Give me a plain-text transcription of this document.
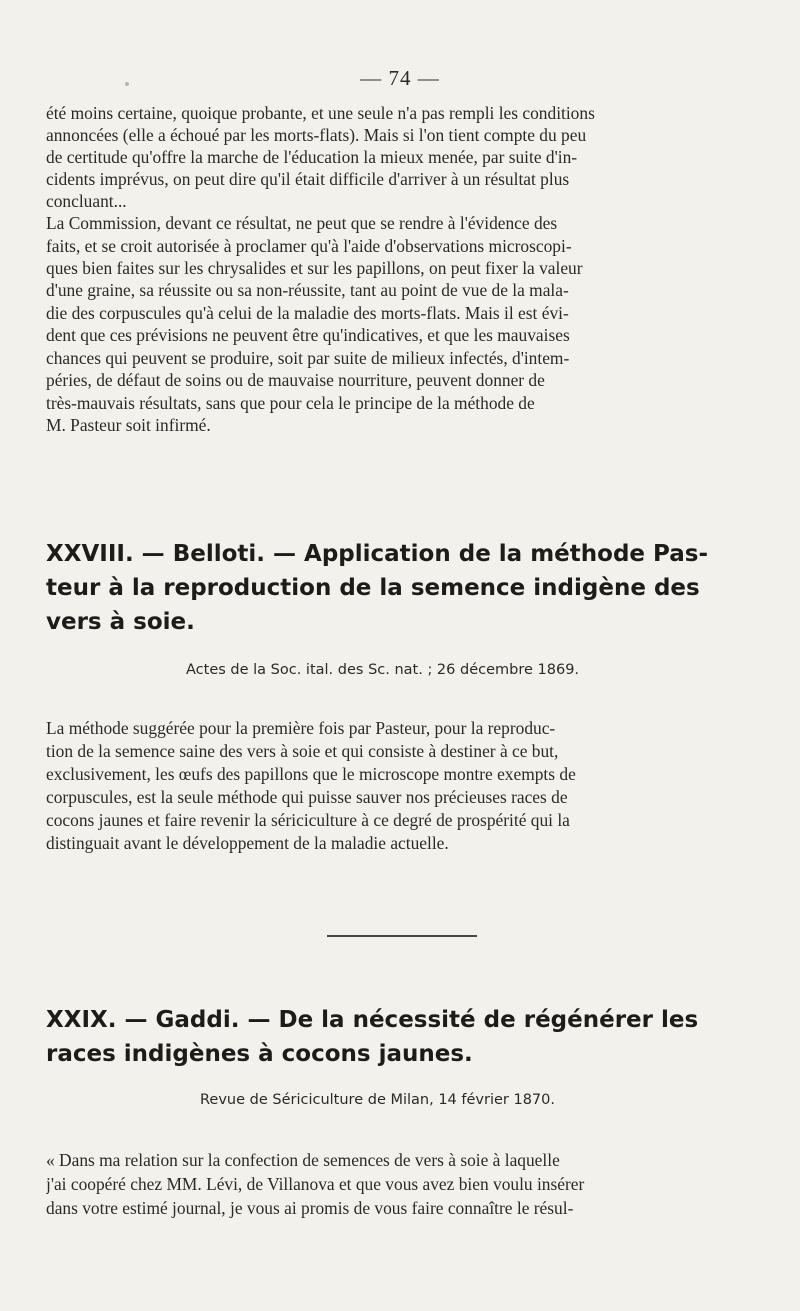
— 74 —
été moins certaine, quoique probante, et une seule n'a pas rempli les conditions
annoncées (elle a échoué par les morts-flats). Mais si l'on tient compte du peu
de certitude qu'offre la marche de l'éducation la mieux menée, par suite d'in-
cidents imprévus, on peut dire qu'il était difficile d'arriver à un résultat plus
concluant...
La Commission, devant ce résultat, ne peut que se rendre à l'évidence des
faits, et se croit autorisée à proclamer qu'à l'aide d'observations microscopi-
ques bien faites sur les chrysalides et sur les papillons, on peut fixer la valeur
d'une graine, sa réussite ou sa non-réussite, tant au point de vue de la mala-
die des corpuscules qu'à celui de la maladie des morts-flats. Mais il est évi-
dent que ces prévisions ne peuvent être qu'indicatives, et que les mauvaises
chances qui peuvent se produire, soit par suite de milieux infectés, d'intem-
péries, de défaut de soins ou de mauvaise nourriture, peuvent donner de
très-mauvais résultats, sans que pour cela le principe de la méthode de
M. Pasteur soit infirmé.
XXVIII. — Belloti. — Application de la méthode Pas-
teur à la reproduction de la semence indigène des
vers à soie.
Actes de la Soc. ital. des Sc. nat. ; 26 décembre 1869.
La méthode suggérée pour la première fois par Pasteur, pour la reproduc-
tion de la semence saine des vers à soie et qui consiste à destiner à ce but,
exclusivement, les œufs des papillons que le microscope montre exempts de
corpuscules, est la seule méthode qui puisse sauver nos précieuses races de
cocons jaunes et faire revenir la sériciculture à ce degré de prospérité qui la
distinguait avant le développement de la maladie actuelle.
XXIX. — Gaddi. — De la nécessité de régénérer les
races indigènes à cocons jaunes.
Revue de Sériciculture de Milan, 14 février 1870.
« Dans ma relation sur la confection de semences de vers à soie à laquelle
j'ai coopéré chez MM. Lévi, de Villanova et que vous avez bien voulu insérer
dans votre estimé journal, je vous ai promis de vous faire connaître le résul-
